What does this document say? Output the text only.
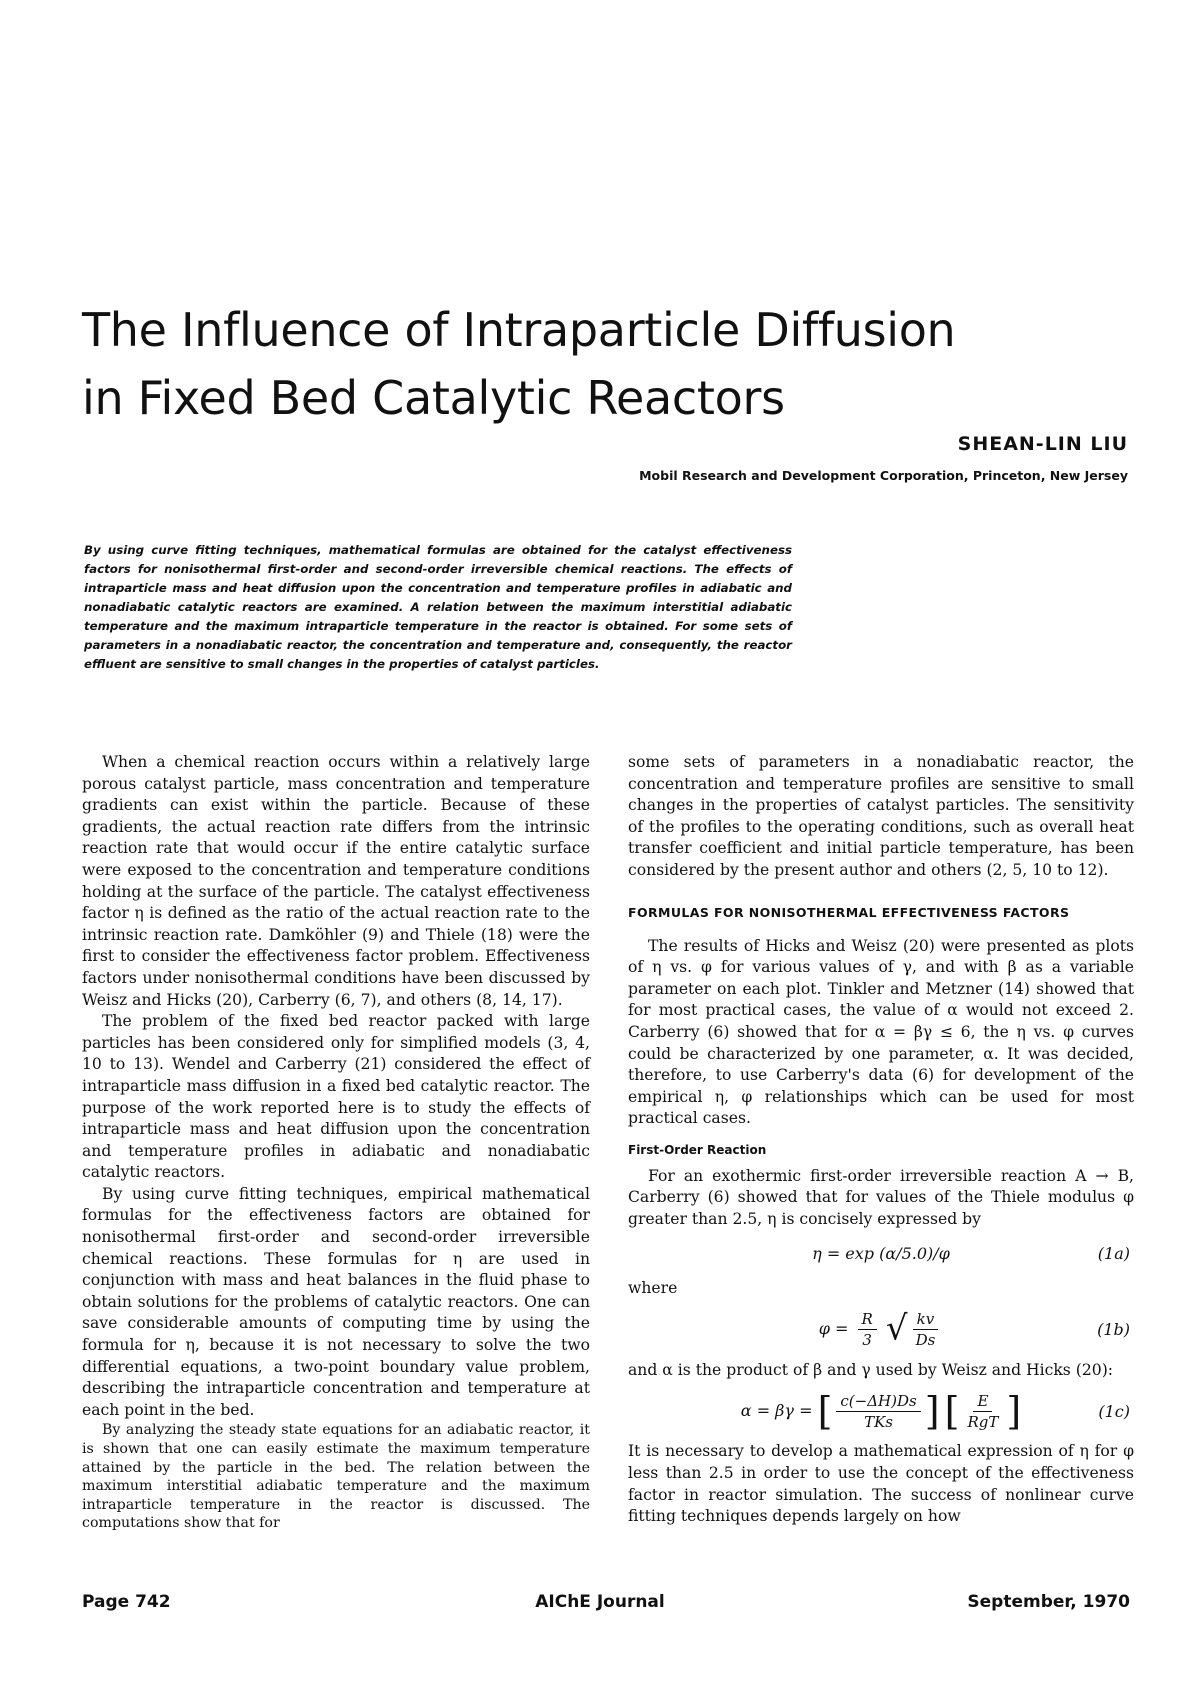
The Influence of Intraparticle Diffusion
in Fixed Bed Catalytic Reactors
SHEAN-LIN LIU
Mobil Research and Development Corporation, Princeton, New Jersey
By using curve fitting techniques, mathematical formulas are obtained for the catalyst effectiveness factors for nonisothermal first-order and second-order irreversible chemical reactions. The effects of intraparticle mass and heat diffusion upon the concentration and temperature profiles in adiabatic and nonadiabatic catalytic reactors are examined. A relation between the maximum interstitial adiabatic temperature and the maximum intraparticle temperature in the reactor is obtained. For some sets of parameters in a nonadiabatic reactor, the concentration and temperature and, consequently, the reactor effluent are sensitive to small changes in the properties of catalyst particles.

When a chemical reaction occurs within a relatively large porous catalyst particle, mass concentration and temperature gradients can exist within the particle. Because of these gradients, the actual reaction rate differs from the intrinsic reaction rate that would occur if the entire catalytic surface were exposed to the concentration and temperature conditions holding at the surface of the particle. The catalyst effectiveness factor η is defined as the ratio of the actual reaction rate to the intrinsic reaction rate. Damköhler (9) and Thiele (18) were the first to consider the effectiveness factor problem. Effectiveness factors under nonisothermal conditions have been discussed by Weisz and Hicks (20), Carberry (6, 7), and others (8, 14, 17).

The problem of the fixed bed reactor packed with large particles has been considered only for simplified models (3, 4, 10 to 13). Wendel and Carberry (21) considered the effect of intraparticle mass diffusion in a fixed bed catalytic reactor. The purpose of the work reported here is to study the effects of intraparticle mass and heat diffusion upon the concentration and temperature profiles in adiabatic and nonadiabatic catalytic reactors.

By using curve fitting techniques, empirical mathematical formulas for the effectiveness factors are obtained for nonisothermal first-order and second-order irreversible chemical reactions. These formulas for η are used in conjunction with mass and heat balances in the fluid phase to obtain solutions for the problems of catalytic reactors. One can save considerable amounts of computing time by using the formula for η, because it is not necessary to solve the two differential equations, a two-point boundary value problem, describing the intraparticle concentration and temperature at each point in the bed.

By analyzing the steady state equations for an adiabatic reactor, it is shown that one can easily estimate the maximum temperature attained by the particle in the bed. The relation between the maximum interstitial adiabatic temperature and the maximum intraparticle temperature in the reactor is discussed. The computations show that for

some sets of parameters in a nonadiabatic reactor, the concentration and temperature profiles are sensitive to small changes in the properties of catalyst particles. The sensitivity of the profiles to the operating conditions, such as overall heat transfer coefficient and initial particle temperature, has been considered by the present author and others (2, 5, 10 to 12).

FORMULAS FOR NONISOTHERMAL EFFECTIVENESS FACTORS

The results of Hicks and Weisz (20) were presented as plots of η vs. φ for various values of γ, and with β as a variable parameter on each plot. Tinkler and Metzner (14) showed that for most practical cases, the value of α would not exceed 2. Carberry (6) showed that for α = βγ ≤ 6, the η vs. φ curves could be characterized by one parameter, α. It was decided, therefore, to use Carberry's data (6) for development of the empirical η, φ relationships which can be used for most practical cases.

First-Order Reaction

For an exothermic first-order irreversible reaction A → B, Carberry (6) showed that for values of the Thiele modulus φ greater than 2.5, η is concisely expressed by

η = exp (α/5.0)/φ	(1a)

where

$\varphi = \frac{R}{3}$ √ $\frac{kv}{Ds}$	(1b)

and α is the product of β and γ used by Weisz and Hicks (20):

α = βγ = [ $\frac{c(-\Delta H)Ds}{\text{TKs}}$ ] [ $\frac{E}{\text{RgT}}$ ]	(1c)

It is necessary to develop a mathematical expression of η for φ less than 2.5 in order to use the concept of the effectiveness factor in reactor simulation. The success of nonlinear curve fitting techniques depends largely on how

Page 742	AIChE Journal	September, 1970
